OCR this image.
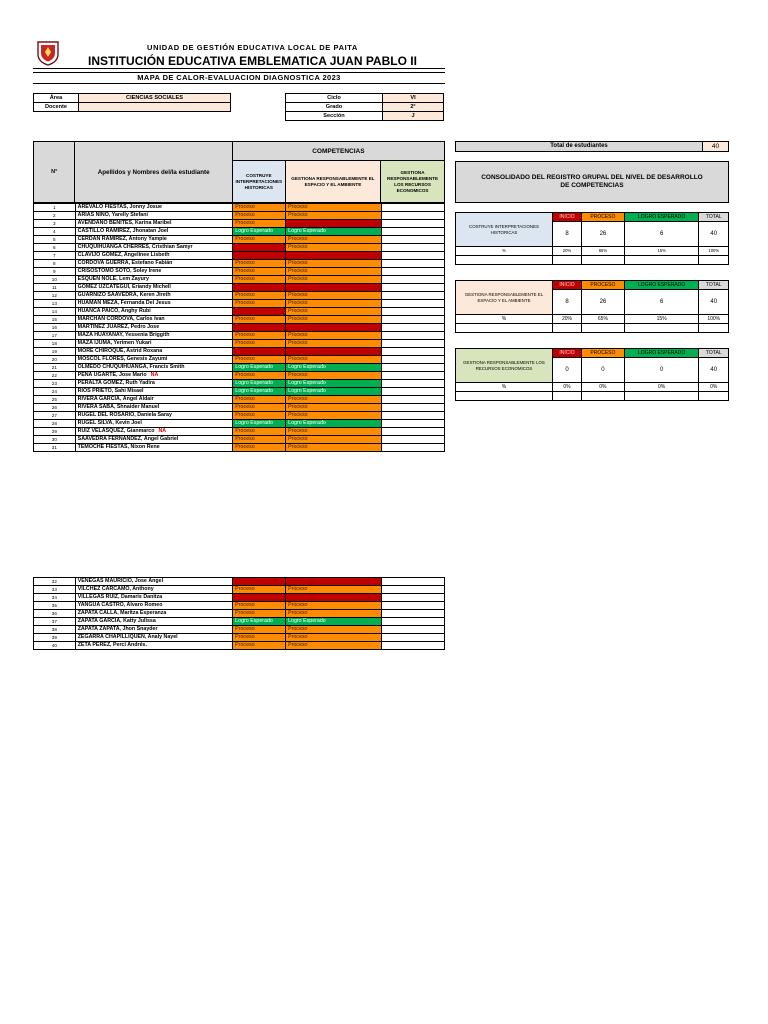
UNIDAD DE GESTIÓN EDUCATIVA LOCAL DE PAITA
INSTITUCIÓN EDUCATIVA EMBLEMATICA JUAN PABLO II
MAPA DE CALOR-EVALUACION DIAGNOSTICA 2023
Área	CIENCIAS SOCIALES
Docente	
Ciclo	VI
Grado	2°
Sección	J
N°	Apellidos y Nombres del/la estudiante	COMPETENCIAS		
		COSTRUYE INTERPRETACIONES HISTORICAS	GESTIONA RESPONSABLEMENTE EL ESPACIO Y EL AMBIENTE	GESTIONA RESPONSABLEMENTE LOS RECURSOS ECONOMICOS
1	AREVALO FIESTAS, Jonny Josue	Proceso	Proceso	
2	ARIAS NIÑO, Yarelly Stefani	Proceso	Proceso	
3	AVENDAÑO BENITES, Karina Maribel	Proceso	Inicio	
4	CASTILLO RAMIREZ, Jhonatan Joel	Logro Esperado	Logro Esperado	
5	CERDAN RAMIREZ, Antony Yampie	Proceso	Proceso	
6	CHUQUIHUANGA CHERRES, Cristhian Samyr	Inicio	Proceso	
7	CLAVIJO GOMEZ, Angelinee Lisbeth	Inicio	Inicio	
8	CORDOVA GUERRA, Estefano Fabián	Proceso	Proceso	
9	CRISOSTOMO SOTO, Soley Irene	Proceso	Proceso	
10	ESQUEN NOLE, Lem Zayury	Proceso	Proceso	
11	GOMEZ UZCATEGUI, Eriandy Michell	Inicio	Inicio	
12	GUARNIZO SAAVEDRA, Keren Jireth	Proceso	Proceso	
13	HUAMAN MEZA, Fernanda Del Jesus	Proceso	Proceso	
14	HUANCA PAICO, Anghy Rubi	Inicio	Proceso	
15	MARCHAN CORDOVA, Carlos Ivan	Proceso	Proceso	
16	MARTINEZ JUAREZ, Pedro Jose	Inicio	Inicio	
17	MAZA HUAYANAY, Yessenia Briggith	Proceso	Proceso	
18	MAZA IJUMA, Yerimen Yukari	Proceso	Proceso	
19	MORE CHIROQUE, Astrid Roxana	Inicio	Inicio	
20	MOSCOL FLORES, Genesis Zayumi	Proceso	Proceso	
21	OLMEDO CHUQUIHUANGA, Francis Smith	Logro Esperado	Logro Esperado	
22	PEÑA UGARTE, Jose Mario NA	Proceso	Proceso	
23	PERALTA GOMEZ, Ruth Yadira	Logro Esperado	Logro Esperado	
24	RIOS PRIETO, Sahi Misael	Logro Esperado	Logro Esperado	
25	RIVERA GARCIA, Ángel Aldair	Proceso	Proceso	
26	RIVERA SABA, Shnaider Manuel	Proceso	Proceso	
27	RUGEL DEL ROSARIO, Daniela Saray	Proceso	Proceso	
28	RUGEL SILVA, Kevin Joel	Logro Esperado	Logro Esperado	
29	RUIZ VELASQUEZ, Gianmarco NA	Proceso	Proceso	
30	SAAVEDRA FERNANDEZ, Ángel Gabriel	Proceso	Proceso	
31	TEMOCHE FIESTAS, Nixon Rene	Proceso	Proceso	
32	VENEGAS MAURICIO, Jose Ángel	Inicio	Inicio	
33	VILCHEZ CARCAMO, Anthony	Proceso	Proceso	
34	VILLEGAS RUIZ, Damaris Danitza	Inicio	Inicio	
35	YANGUA CASTRO, Alvaro Romeo	Proceso	Proceso	
36	ZAPATA CALLA, Maritza Esperanza	Proceso	Proceso	
37	ZAPATA GARCIA, Katty Julissa	Logro Esperado	Logro Esperado	
38	ZAPATA ZAPATA, Jhon Snayder	Proceso	Proceso	
39	ZEGARRA CHAPILLIQUEN, Analy Nayel	Proceso	Proceso	
40	ZETA PEREZ, Perci Andrés.	Proceso	Proceso	
Total de estudiantes	40
CONSOLIDADO DEL REGISTRO GRUPAL DEL NIVEL DE DESARROLLO DE COMPETENCIAS
COSTRUYE INTERPRETACIONES HISTORICAS	INICIO	PROCESO	LOGRO ESPERADO	TOTAL
	8	26	6	40
%	20%	65%	15%	100%

GESTIONA RESPONSABLEMENTE EL ESPACIO Y EL AMBIENTE	INICIO	PROCESO	LOGRO ESPERADO	TOTAL
	8	26	6	40
%	20%	65%	15%	100%

GESTIONA RESPONSABLEMENTE LOS RECURSOS ECONOMICOS	INICIO	PROCESO	LOGRO ESPERADO	TOTAL
	0	0	0	40
%	0%	0%	0%	0%
